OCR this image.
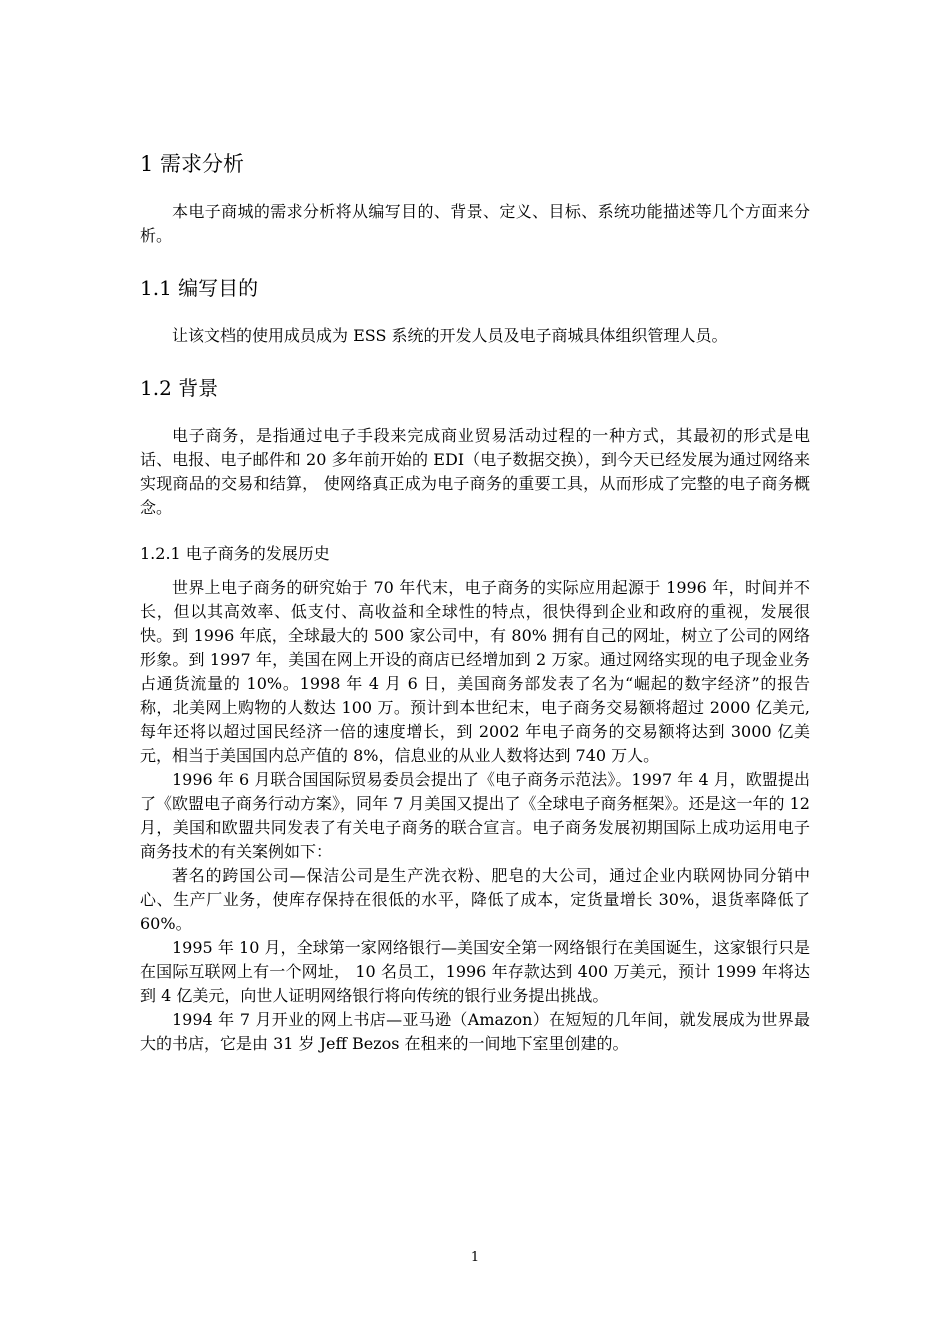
1 需求分析
本电子商城的需求分析将从编写目的、背景、定义、目标、系统功能描述等几个方面来分析。
1.1 编写目的
让该文档的使用成员成为 ESS 系统的开发人员及电子商城具体组织管理人员。
1.2 背景
电子商务，是指通过电子手段来完成商业贸易活动过程的一种方式，其最初的形式是电话、电报、电子邮件和 20 多年前开始的 EDI（电子数据交换），到今天已经发展为通过网络来实现商品的交易和结算， 使网络真正成为电子商务的重要工具，从而形成了完整的电子商务概念。
1.2.1 电子商务的发展历史
世界上电子商务的研究始于 70 年代末，电子商务的实际应用起源于 1996 年，时间并不长，但以其高效率、低支付、高收益和全球性的特点，很快得到企业和政府的重视，发展很快。到 1996 年底，全球最大的 500 家公司中，有 80% 拥有自己的网址，树立了公司的网络形象。到 1997 年，美国在网上开设的商店已经增加到 2 万家。通过网络实现的电子现金业务占通货流量的 10%。1998 年 4 月 6 日，美国商务部发表了名为“崛起的数字经济”的报告称，北美网上购物的人数达 100 万。预计到本世纪末，电子商务交易额将超过 2000 亿美元,每年还将以超过国民经济一倍的速度增长，到 2002 年电子商务的交易额将达到 3000 亿美元，相当于美国国内总产值的 8%，信息业的从业人数将达到 740 万人。
1996 年 6 月联合国国际贸易委员会提出了《电子商务示范法》。1997 年 4 月，欧盟提出了《欧盟电子商务行动方案》，同年 7 月美国又提出了《全球电子商务框架》。还是这一年的 12 月，美国和欧盟共同发表了有关电子商务的联合宣言。电子商务发展初期国际上成功运用电子商务技术的有关案例如下：
著名的跨国公司—保洁公司是生产洗衣粉、肥皂的大公司，通过企业内联网协同分销中心、生产厂业务，使库存保持在很低的水平，降低了成本，定货量增长 30%，退货率降低了 60%。
1995 年 10 月，全球第一家网络银行—美国安全第一网络银行在美国诞生，这家银行只是在国际互联网上有一个网址， 10 名员工，1996 年存款达到 400 万美元，预计 1999 年将达到 4 亿美元，向世人证明网络银行将向传统的银行业务提出挑战。
1994 年 7 月开业的网上书店—亚马逊（Amazon）在短短的几年间，就发展成为世界最大的书店，它是由 31 岁 Jeff Bezos 在租来的一间地下室里创建的。
1
